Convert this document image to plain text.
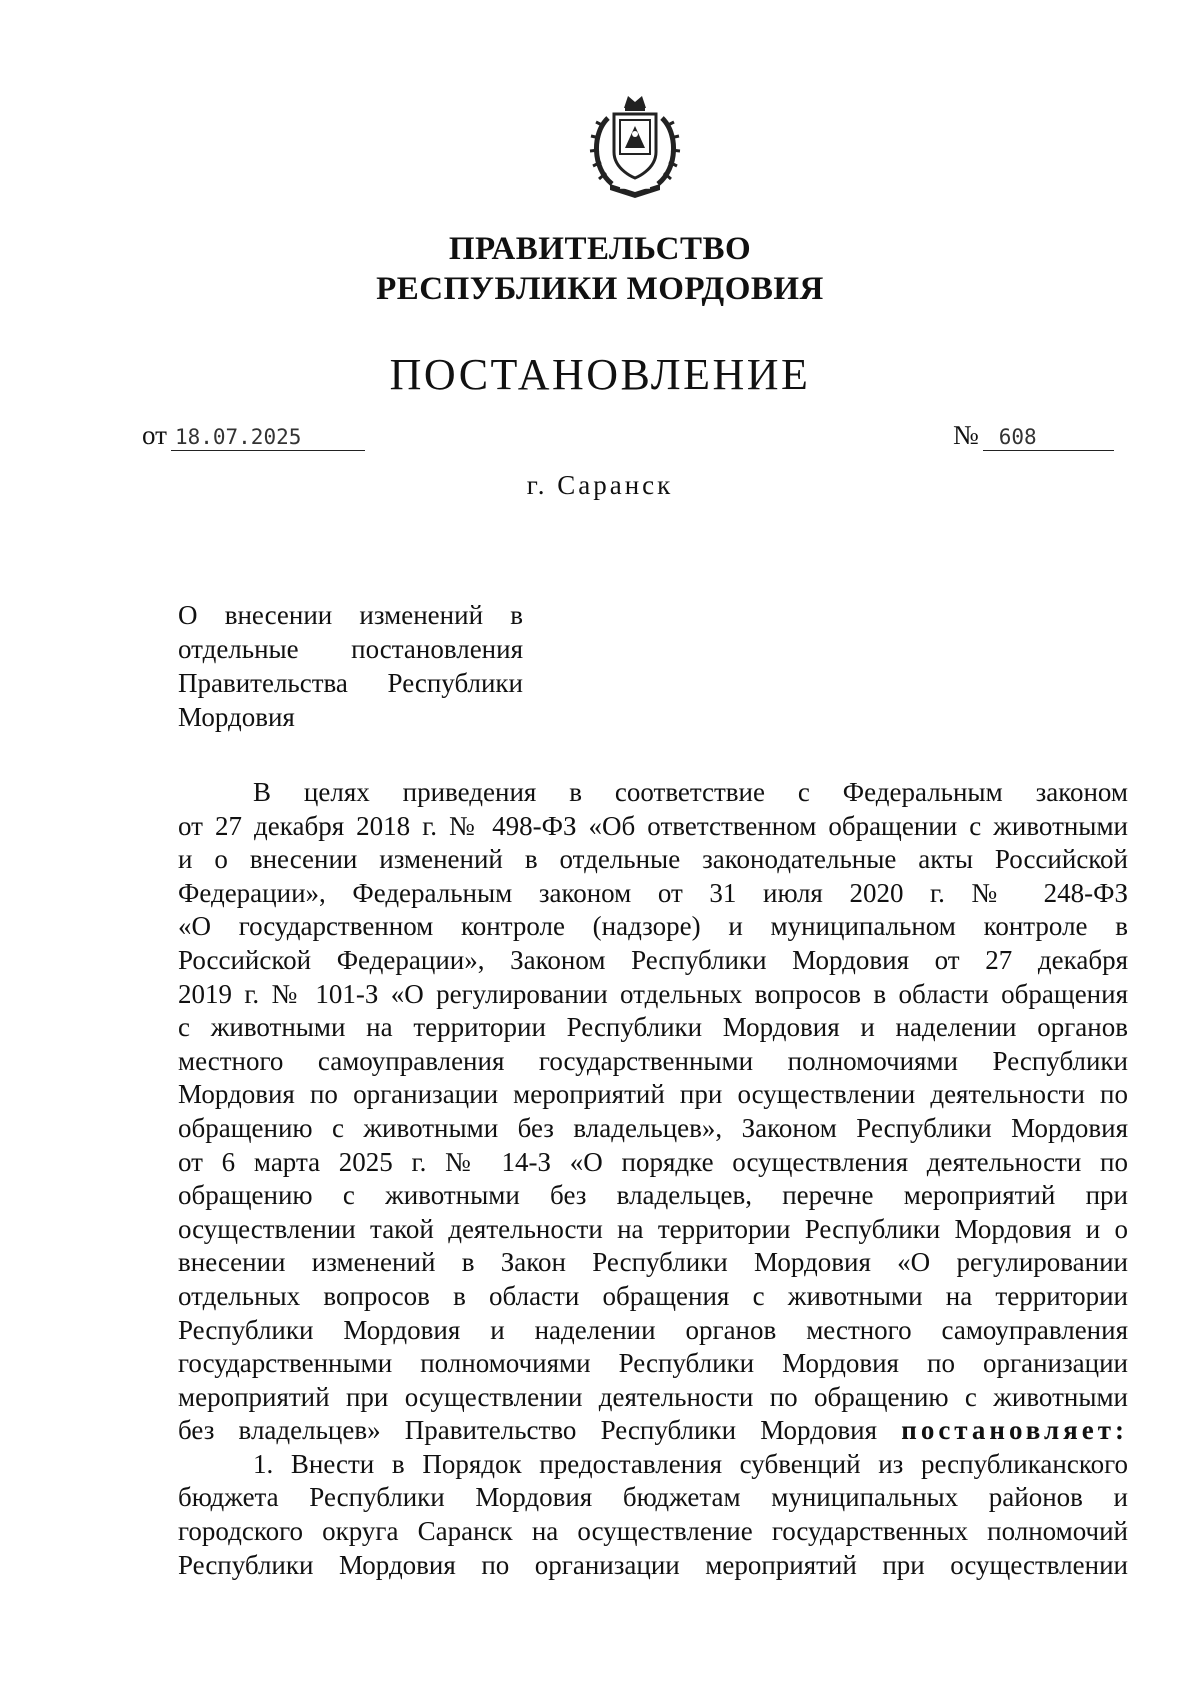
ПРАВИТЕЛЬСТВО
РЕСПУБЛИКИ МОРДОВИЯ
ПОСТАНОВЛЕНИЕ
от 18.07.2025	№ 608
г. Саранск
О внесении изменений в
отдельные постановления
Правительства Республики
Мордовия
В целях приведения в соответствие с Федеральным законом
от 27 декабря 2018 г. № 498-ФЗ «Об ответственном обращении с животными
и о внесении изменений в отдельные законодательные акты Российской
Федерации», Федеральным законом от 31 июля 2020 г. № 248-ФЗ
«О государственном контроле (надзоре) и муниципальном контроле в
Российской Федерации», Законом Республики Мордовия от 27 декабря
2019 г. № 101-З «О регулировании отдельных вопросов в области обращения
с животными на территории Республики Мордовия и наделении органов
местного самоуправления государственными полномочиями Республики
Мордовия по организации мероприятий при осуществлении деятельности по
обращению с животными без владельцев», Законом Республики Мордовия
от 6 марта 2025 г. № 14-З «О порядке осуществления деятельности по
обращению с животными без владельцев, перечне мероприятий при
осуществлении такой деятельности на территории Республики Мордовия и о
внесении изменений в Закон Республики Мордовия «О регулировании
отдельных вопросов в области обращения с животными на территории
Республики Мордовия и наделении органов местного самоуправления
государственными полномочиями Республики Мордовия по организации
мероприятий при осуществлении деятельности по обращению с животными
без владельцев» Правительство Республики Мордовия постановляет:
1. Внести в Порядок предоставления субвенций из республиканского
бюджета Республики Мордовия бюджетам муниципальных районов и
городского округа Саранск на осуществление государственных полномочий
Республики Мордовия по организации мероприятий при осуществлении
